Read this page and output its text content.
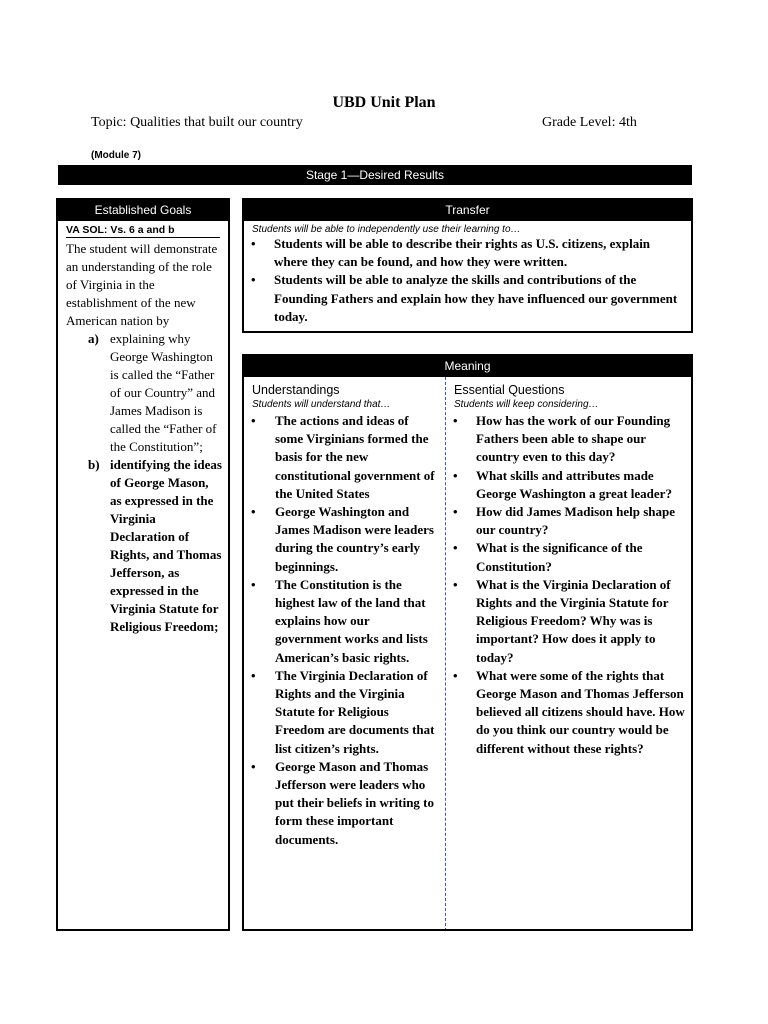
UBD Unit Plan
Topic: Qualities that built our country	Grade Level: 4th
(Module 7)
Stage 1—Desired Results
Established Goals
VA SOL: Vs. 6 a and b
The student will demonstrate an understanding of the role of Virginia in the establishment of the new American nation by
a) explaining why George Washington is called the “Father of our Country” and James Madison is called the “Father of the Constitution”;
b) identifying the ideas of George Mason, as expressed in the Virginia Declaration of Rights, and Thomas Jefferson, as expressed in the Virginia Statute for Religious Freedom;
Transfer
Students will be able to independently use their learning to…
• Students will be able to describe their rights as U.S. citizens, explain where they can be found, and how they were written.
• Students will be able to analyze the skills and contributions of the Founding Fathers and explain how they have influenced our government today.
Meaning
Understandings
Students will understand that…
• The actions and ideas of some Virginians formed the basis for the new constitutional government of the United States
• George Washington and James Madison were leaders during the country’s early beginnings.
• The Constitution is the highest law of the land that explains how our government works and lists American’s basic rights.
• The Virginia Declaration of Rights and the Virginia Statute for Religious Freedom are documents that list citizen’s rights.
• George Mason and Thomas Jefferson were leaders who put their beliefs in writing to form these important documents.
Essential Questions
Students will keep considering…
• How has the work of our Founding Fathers been able to shape our country even to this day?
• What skills and attributes made George Washington a great leader?
• How did James Madison help shape our country?
• What is the significance of the Constitution?
• What is the Virginia Declaration of Rights and the Virginia Statute for Religious Freedom? Why was is important? How does it apply to today?
• What were some of the rights that George Mason and Thomas Jefferson believed all citizens should have. How do you think our country would be different without these rights?
